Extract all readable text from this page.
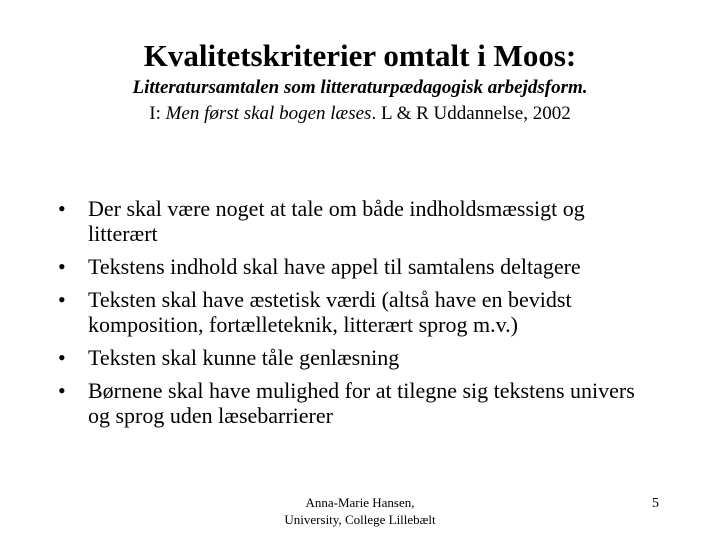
Kvalitetskriterier omtalt i Moos:
Litteratursamtalen som litteraturpædagogisk arbejdsform.
I: Men først skal bogen læses. L & R Uddannelse, 2002
• Der skal være noget at tale om både indholdsmæssigt og litterært
• Tekstens indhold skal have appel til samtalens deltagere
• Teksten skal have æstetisk værdi (altså have en bevidst komposition, fortælleteknik, litterært sprog m.v.)
• Teksten skal kunne tåle genlæsning
• Børnene skal have mulighed for at tilegne sig tekstens univers og sprog uden læsebarrierer
Anna-Marie Hansen,
University, College Lillebælt
5
